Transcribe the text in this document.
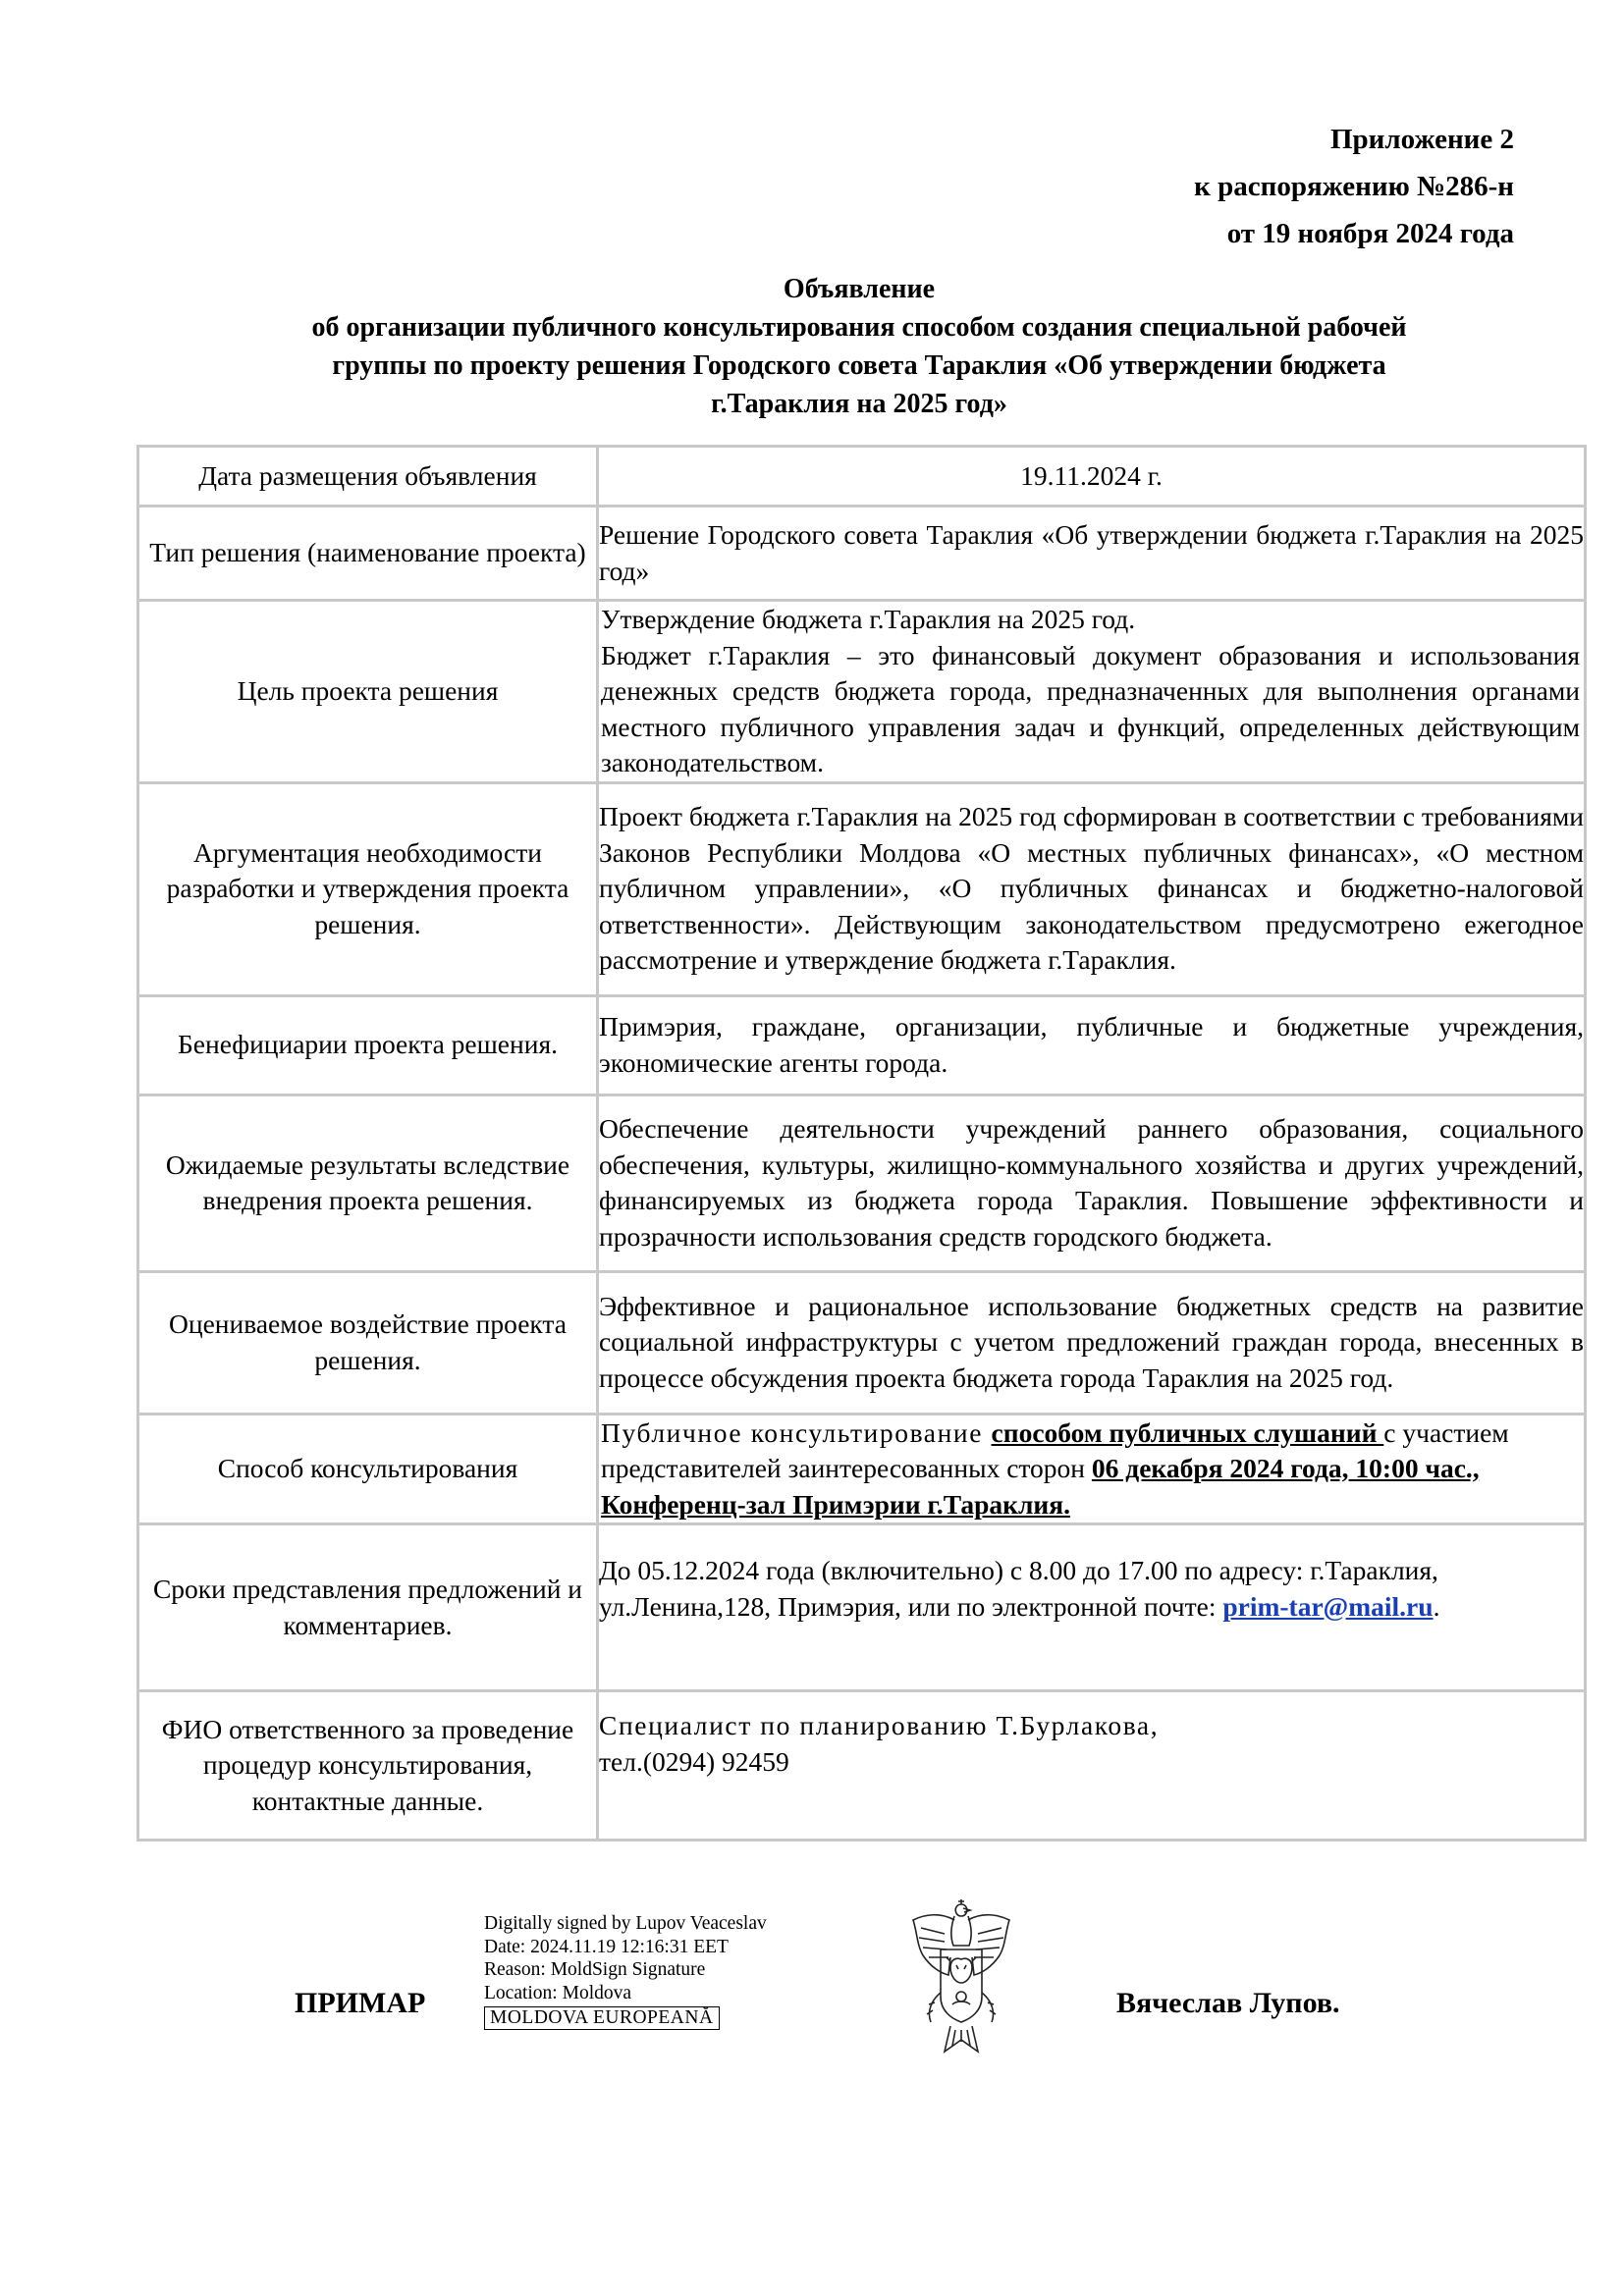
Приложение 2
к распоряжению №286-н
от 19 ноября 2024 года
Объявление
об организации публичного консультирования способом создания специальной рабочей
группы по проекту решения Городского совета Тараклия «Об утверждении бюджета
г.Тараклия на 2025 год»
Дата размещения объявления	19.11.2024 г.
Тип решения (наименование проекта)	Решение Городского совета Тараклия «Об утверждении бюджета г.Тараклия на 2025 год»
Цель проекта решения	Утверждение бюджета г.Тараклия на 2025 год.
Бюджет г.Тараклия – это финансовый документ образования и использования денежных средств бюджета города, предназначенных для выполнения органами местного публичного управления задач и функций, определенных действующим законодательством.

Аргументация необходимости разработки и утверждения проекта решения.	Проект бюджета г.Тараклия на 2025 год сформирован в соответствии с требованиями Законов Республики Молдова «О местных публичных финансах», «О местном публичном управлении», «О публичных финансах и бюджетно-налоговой ответственности». Действующим законодательством предусмотрено ежегодное рассмотрение и утверждение бюджета г.Тараклия.
Бенефициарии проекта решения.	Примэрия, граждане, организации, публичные и бюджетные учреждения, экономические агенты города.
Ожидаемые результаты вследствие внедрения проекта решения.	Обеспечение деятельности учреждений раннего образования, социального обеспечения, культуры, жилищно-коммунального хозяйства и других учреждений, финансируемых из бюджета города Тараклия. Повышение эффективности и прозрачности использования средств городского бюджета.
Оцениваемое воздействие проекта решения.	Эффективное и рациональное использование бюджетных средств на развитие социальной инфраструктуры с учетом предложений граждан города, внесенных в процессе обсуждения проекта бюджета города Тараклия на 2025 год.
Способ консультирования	Публичное консультирование способом публичных слушаний с участием представителей заинтересованных сторон 06 декабря 2024 года, 10:00 час., Конференц-зал Примэрии г.Тараклия.
Сроки представления предложений и комментариев.	До 05.12.2024 года (включительно) с 8.00 до 17.00 по адресу: г.Тараклия, ул.Ленина,128, Примэрия, или по электронной почте: prim-tar@mail.ru.
ФИО ответственного за проведение процедур консультирования, контактные данные.	Специалист по планированию Т.Бурлакова,
тел.(0294) 92459
ПРИМАР
Digitally signed by Lupov Veaceslav
Date: 2024.11.19 12:16:31 EET
Reason: MoldSign Signature
Location: Moldova
MOLDOVA EUROPEANĂ	Вячеслав Лупов.
